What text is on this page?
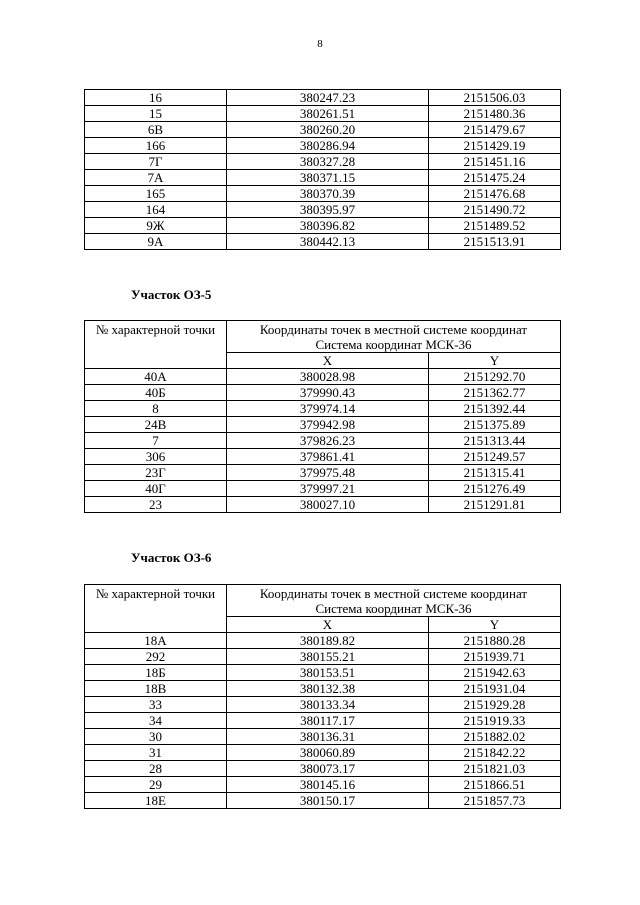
8
16	380247.23	2151506.03
15	380261.51	2151480.36
6В	380260.20	2151479.67
166	380286.94	2151429.19
7Г	380327.28	2151451.16
7А	380371.15	2151475.24
165	380370.39	2151476.68
164	380395.97	2151490.72
9Ж	380396.82	2151489.52
9А	380442.13	2151513.91
Участок ОЗ-5
№ характерной точки	Координаты точек в местной системе координат
Система координат МСК-36	

	X	Y
40А	380028.98	2151292.70
40Б	379990.43	2151362.77
8	379974.14	2151392.44
24В	379942.98	2151375.89
7	379826.23	2151313.44
306	379861.41	2151249.57
23Г	379975.48	2151315.41
40Г	379997.21	2151276.49
23	380027.10	2151291.81
Участок ОЗ-6
№ характерной точки	Координаты точек в местной системе координат
Система координат МСК-36	

	X	Y
18А	380189.82	2151880.28
292	380155.21	2151939.71
18Б	380153.51	2151942.63
18В	380132.38	2151931.04
33	380133.34	2151929.28
34	380117.17	2151919.33
30	380136.31	2151882.02
31	380060.89	2151842.22
28	380073.17	2151821.03
29	380145.16	2151866.51
18Е	380150.17	2151857.73
